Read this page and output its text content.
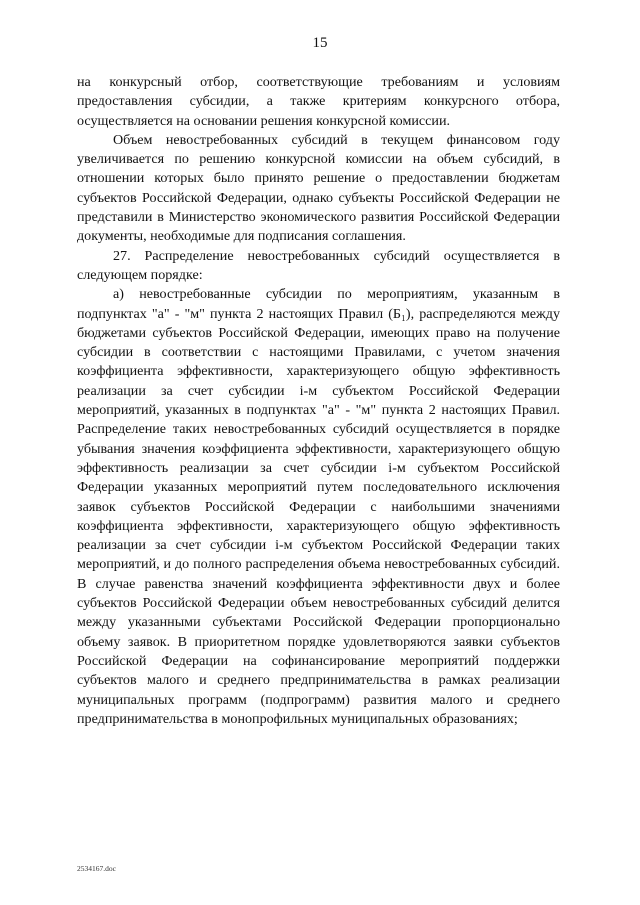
15

на конкурсный отбор, соответствующие требованиям и условиям предоставления субсидии, а также критериям конкурсного отбора, осуществляется на основании решения конкурсной комиссии.

Объем невостребованных субсидий в текущем финансовом году увеличивается по решению конкурсной комиссии на объем субсидий, в отношении которых было принято решение о предоставлении бюджетам субъектов Российской Федерации, однако субъекты Российской Федерации не представили в Министерство экономического развития Российской Федерации документы, необходимые для подписания соглашения.

27. Распределение невостребованных субсидий осуществляется в следующем порядке:

а) невостребованные субсидии по мероприятиям, указанным в подпунктах "а" - "м" пункта 2 настоящих Правил (Б₁), распределяются между бюджетами субъектов Российской Федерации, имеющих право на получение субсидии в соответствии с настоящими Правилами, с учетом значения коэффициента эффективности, характеризующего общую эффективность реализации за счет субсидии i-м субъектом Российской Федерации мероприятий, указанных в подпунктах "а" - "м" пункта 2 настоящих Правил. Распределение таких невостребованных субсидий осуществляется в порядке убывания значения коэффициента эффективности, характеризующего общую эффективность реализации за счет субсидии i-м субъектом Российской Федерации указанных мероприятий путем последовательного исключения заявок субъектов Российской Федерации с наибольшими значениями коэффициента эффективности, характеризующего общую эффективность реализации за счет субсидии i-м субъектом Российской Федерации таких мероприятий, и до полного распределения объема невостребованных субсидий. В случае равенства значений коэффициента эффективности двух и более субъектов Российской Федерации объем невостребованных субсидий делится между указанными субъектами Российской Федерации пропорционально объему заявок. В приоритетном порядке удовлетворяются заявки субъектов Российской Федерации на софинансирование мероприятий поддержки субъектов малого и среднего предпринимательства в рамках реализации муниципальных программ (подпрограмм) развития малого и среднего предпринимательства в монопрофильных муниципальных образованиях;

2534167.doc
